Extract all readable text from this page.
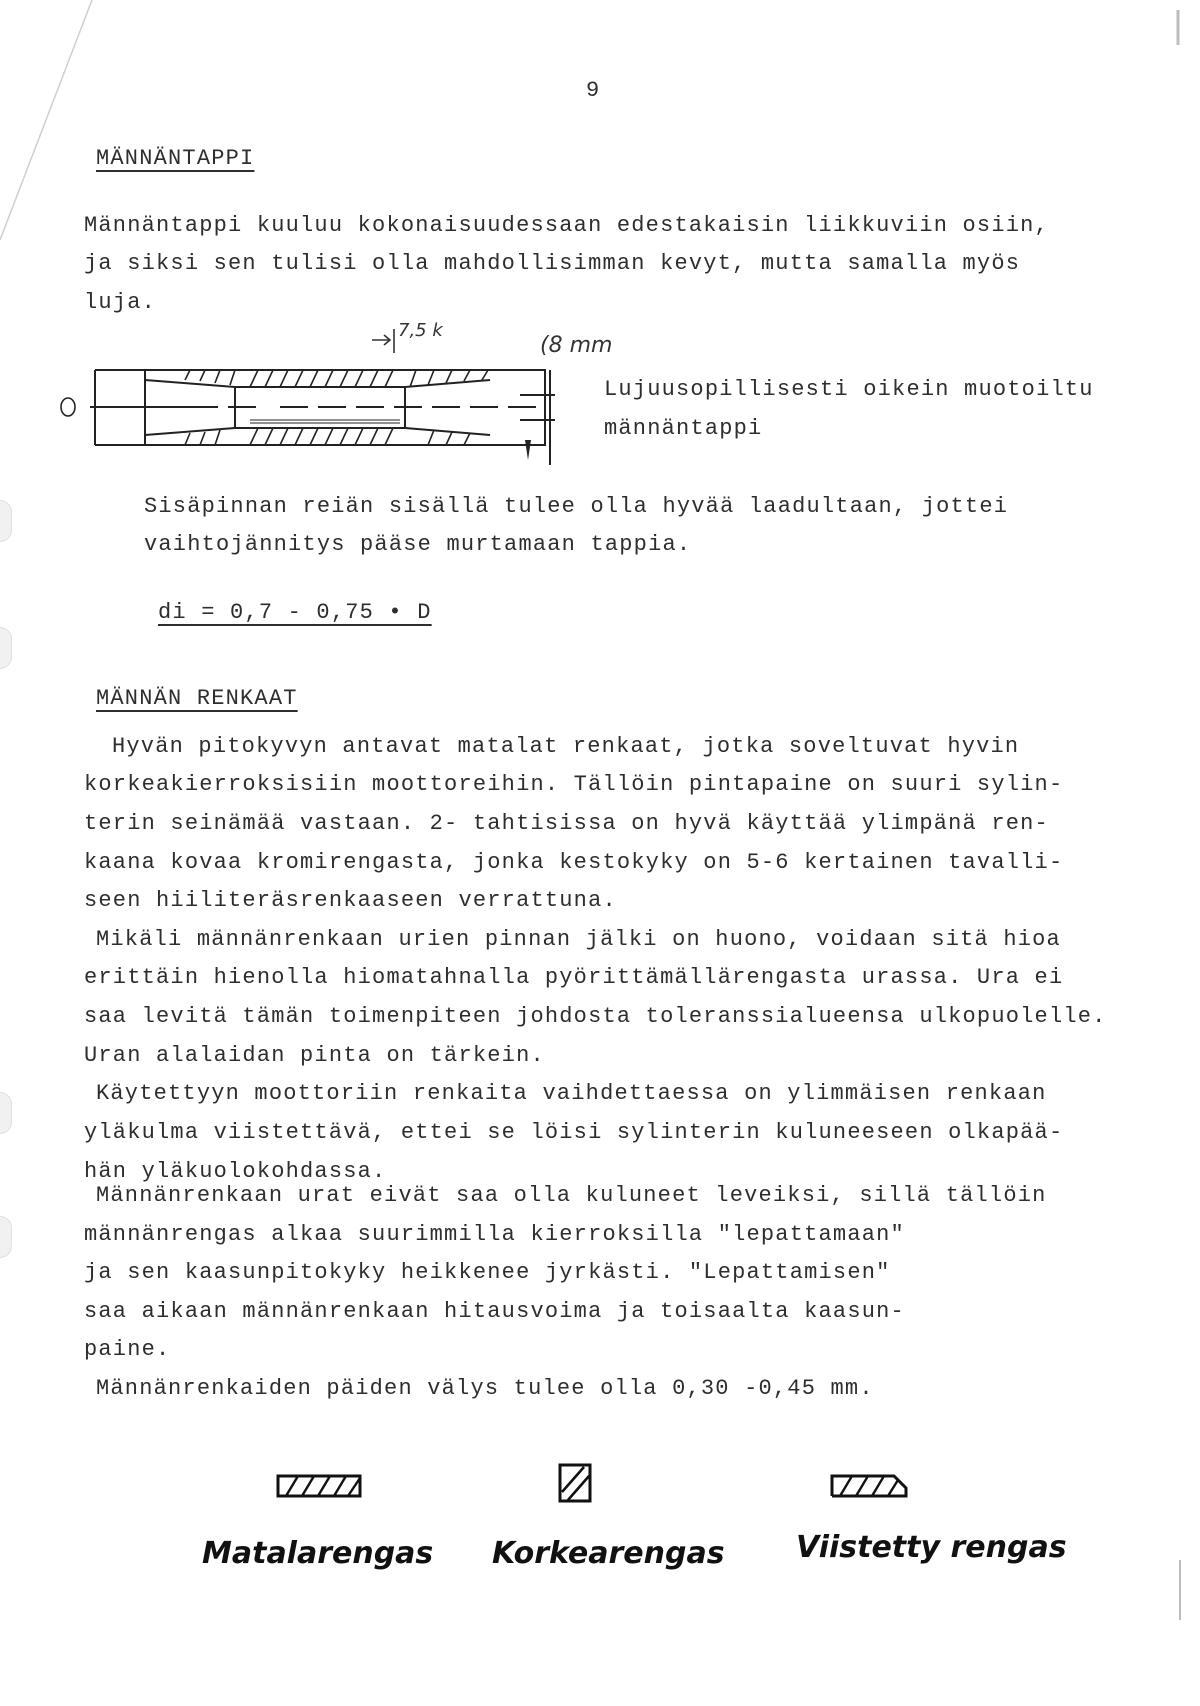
9
MÄNNÄNTAPPI
Männäntappi kuuluu kokonaisuudessaan edestakaisin liikkuviin osiin,
ja siksi sen tulisi olla mahdollisimman kevyt, mutta samalla myös
luja.
7,5 k
(8 mm
Lujuusopillisesti oikein muotoiltu
männäntappi
Sisäpinnan reiän sisällä tulee olla hyvää laadultaan, jottei
vaihtojännitys pääse murtamaan tappia.
di = 0,7 - 0,75 • D
MÄNNÄN RENKAAT
Hyvän pitokyvyn antavat matalat renkaat, jotka soveltuvat hyvin
korkeakierroksisiin moottoreihin. Tällöin pintapaine on suuri sylin-
terin seinämää vastaan. 2- tahtisissa on hyvä käyttää ylimpänä ren-
kaana kovaa kromirengasta, jonka kestokyky on 5-6 kertainen tavalli-
seen hiiliteräsrenkaaseen verrattuna.
Mikäli männänrenkaan urien pinnan jälki on huono, voidaan sitä hioa
erittäin hienolla hiomatahnalla pyörittämällärengasta urassa. Ura ei
saa levitä tämän toimenpiteen johdosta toleranssialueensa ulkopuolelle.
Uran alalaidan pinta on tärkein.
Käytettyyn moottoriin renkaita vaihdettaessa on ylimmäisen renkaan
yläkulma viistettävä, ettei se löisi sylinterin kuluneeseen olkapää-
hän yläkuolokohdassa.
Männänrenkaan urat eivät saa olla kuluneet leveiksi, sillä tällöin
männänrengas alkaa suurimmilla kierroksilla "lepattamaan"
ja sen kaasunpitokyky heikkenee jyrkästi. "Lepattamisen"
saa aikaan männänrenkaan hitausvoima ja toisaalta kaasun-
paine.
Männänrenkaiden päiden välys tulee olla 0,30 -0,45 mm.
Matalarengas Korkearengas Viistetty rengas
